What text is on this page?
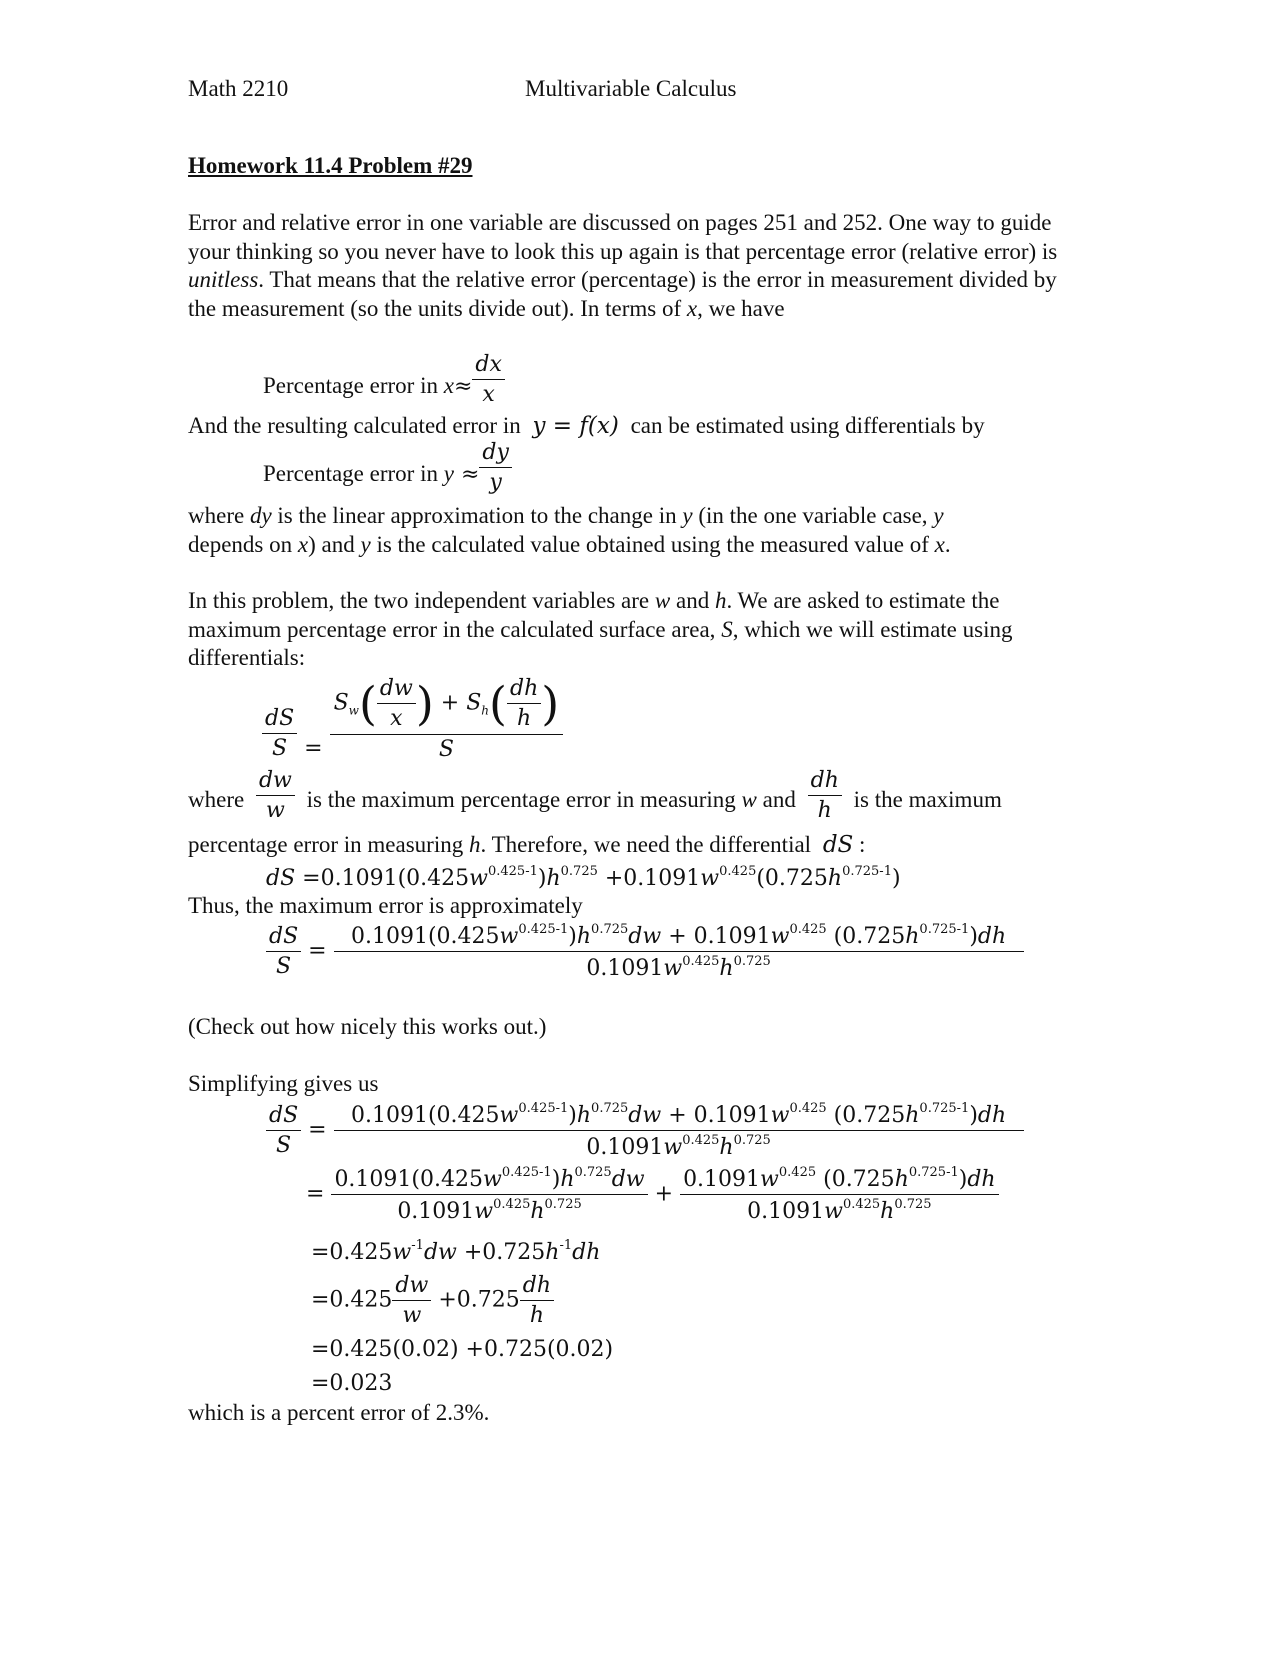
Math 2210	Multivariable Calculus
Homework 11.4 Problem #29
Error and relative error in one variable are discussed on pages 251 and 252. One way to guide your thinking so you never have to look this up again is that percentage error (relative error) is unitless. That means that the relative error (percentage) is the error in measurement divided by the measurement (so the units divide out). In terms of x, we have
Percentage error in $x\approx \frac{dx}{x}$
And the resulting calculated error in y = f(x) can be estimated using differentials by
Percentage error in $y \approx \frac{dy}{y}$
where dy is the linear approximation to the change in y (in the one variable case, y
depends on x) and y is the calculated value obtained using the measured value of x.
In this problem, the two independent variables are w and h. We are asked to estimate the maximum percentage error in the calculated surface area, S, which we will estimate using differentials:
$\frac{dS}{S} = \frac{S_w( \frac{dw}{x} ) + S_h( \frac{dh}{h} )}{S}$
where $\frac{dw}{w}$ is the maximum percentage error in measuring w and $\frac{dh}{h}$ is the maximum
percentage error in measuring h. Therefore, we need the differential dS :
dS $=0.1091(0.425w^{0.425-1})h^{0.725} +0.1091w^{0.425}(0.725h^{0.725-1})$
Thus, the maximum error is approximately
$\frac{dS}{S}$ =
$0.1091(0.425w^{0.425-1})h^{0.725}dw + 0.1091w^{0.425}$ $(0.725h^{0.725-1})dh$
$0.1091w^{0.425}h^{0.725}$
(Check out how nicely this works out.)
Simplifying gives us
$\frac{dS}{S}$ =
$0.1091(0.425w^{0.425-1})h^{0.725}dw + 0.1091w^{0.425}$ $(0.725h^{0.725-1})dh$
$0.1091w^{0.425}h^{0.725}$
= $\frac{0.1091(0.425w^{0.425-1})h^{0.725}dw}{0.1091w^{0.425}h^{0.725}} + \frac{0.1091w^{0.425} (0.725h^{0.725-1})dh}{0.1091w^{0.425}h^{0.725}}$
$=0.425w^{-1}dw +0.725h^{-1}dh$
$=0.425 \frac{dw}{w} +0.725 \frac{dh}{h}$
=0.425(0.02) +0.725(0.02)
=0.023
which is a percent error of 2.3%.
